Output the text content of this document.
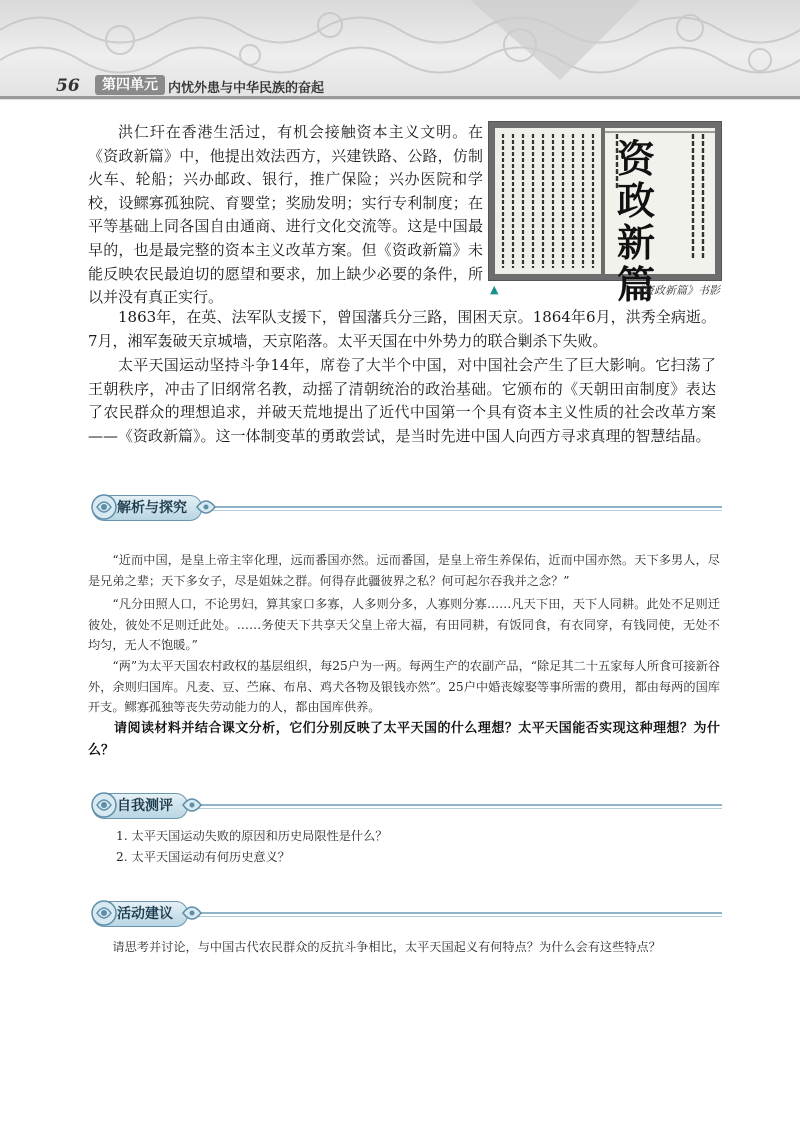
56	第四单元 内忧外患与中华民族的奋起

洪仁玕在香港生活过，有机会接触资本主义文明。在《资政新篇》中，他提出效法西方，兴建铁路、公路，仿制火车、轮船；兴办邮政、银行，推广保险；兴办医院和学校，设鳏寡孤独院、育婴堂；奖励发明；实行专利制度；在平等基础上同各国自由通商、进行文化交流等。这是中国最早的，也是最完整的资本主义改革方案。但《资政新篇》未能反映农民最迫切的愿望和要求，加上缺少必要的条件，所以并没有真正实行。

资政新篇
▲	《资政新篇》书影

1863年，在英、法军队支援下，曾国藩兵分三路，围困天京。1864年6月，洪秀全病逝。7月，湘军轰破天京城墙，天京陷落。太平天国在中外势力的联合剿杀下失败。

太平天国运动坚持斗争14年，席卷了大半个中国，对中国社会产生了巨大影响。它扫荡了王朝秩序，冲击了旧纲常名教，动摇了清朝统治的政治基础。它颁布的《天朝田亩制度》表达了农民群众的理想追求，并破天荒地提出了近代中国第一个具有资本主义性质的社会改革方案——《资政新篇》。这一体制变革的勇敢尝试，是当时先进中国人向西方寻求真理的智慧结晶。

解析与探究

“近而中国，是皇上帝主宰化理，远而番国亦然。远而番国，是皇上帝生养保佑，近而中国亦然。天下多男人，尽是兄弟之辈；天下多女子，尽是姐妹之群。何得存此疆彼界之私？何可起尔吞我并之念？”

“凡分田照人口，不论男妇，算其家口多寡，人多则分多，人寡则分寡……凡天下田，天下人同耕。此处不足则迁彼处，彼处不足则迁此处。……务使天下共享天父皇上帝大福，有田同耕，有饭同食，有衣同穿，有钱同使，无处不均匀，无人不饱暖。”

“两”为太平天国农村政权的基层组织，每25户为一两。每两生产的农副产品，“除足其二十五家每人所食可接新谷外，余则归国库。凡麦、豆、苎麻、布帛、鸡犬各物及银钱亦然”。25户中婚丧嫁娶等事所需的费用，都由每两的国库开支。鳏寡孤独等丧失劳动能力的人，都由国库供养。

请阅读材料并结合课文分析，它们分别反映了太平天国的什么理想？太平天国能否实现这种理想？为什么？

自我测评
1. 太平天国运动失败的原因和历史局限性是什么？
2. 太平天国运动有何历史意义？
活动建议

请思考并讨论，与中国古代农民群众的反抗斗争相比，太平天国起义有何特点？为什么会有这些特点？
